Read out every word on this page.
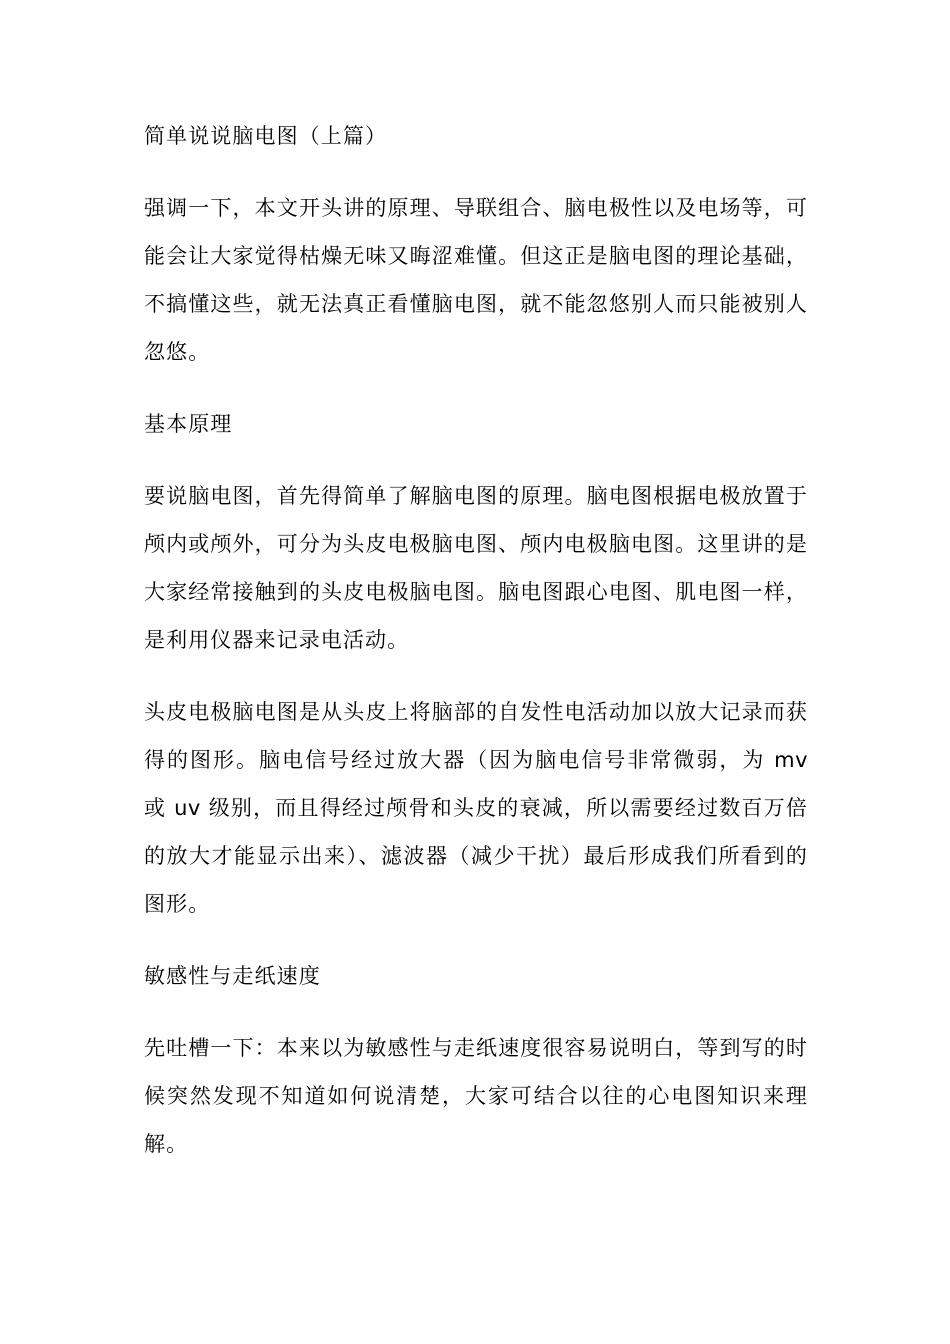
简单说说脑电图（上篇）

强调一下，本文开头讲的原理、导联组合、脑电极性以及电场等，可能会让大家觉得枯燥无味又晦涩难懂。但这正是脑电图的理论基础，不搞懂这些，就无法真正看懂脑电图，就不能忽悠别人而只能被别人忽悠。

基本原理

要说脑电图，首先得简单了解脑电图的原理。脑电图根据电极放置于颅内或颅外，可分为头皮电极脑电图、颅内电极脑电图。这里讲的是大家经常接触到的头皮电极脑电图。脑电图跟心电图、肌电图一样，是利用仪器来记录电活动。

头皮电极脑电图是从头皮上将脑部的自发性电活动加以放大记录而获得的图形。脑电信号经过放大器（因为脑电信号非常微弱，为 mv 或 uv 级别，而且得经过颅骨和头皮的衰减，所以需要经过数百万倍的放大才能显示出来）、滤波器（减少干扰）最后形成我们所看到的图形。

敏感性与走纸速度

先吐槽一下：本来以为敏感性与走纸速度很容易说明白，等到写的时候突然发现不知道如何说清楚，大家可结合以往的心电图知识来理解。
